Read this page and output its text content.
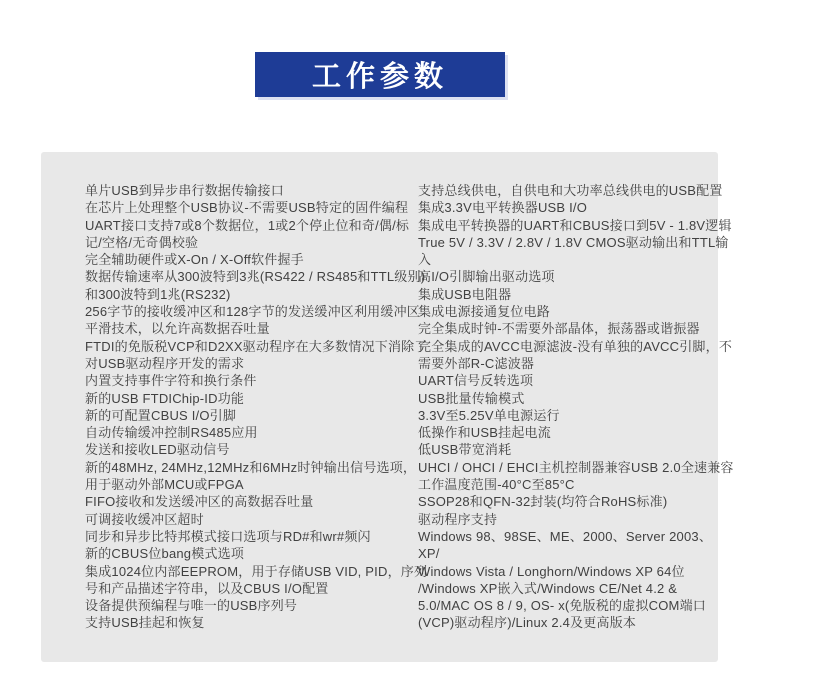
工作参数
单片USB到异步串行数据传输接口
在芯片上处理整个USB协议-不需要USB特定的固件编程
UART接口支持7或8个数据位，1或2个停止位和奇/偶/标
记/空格/无奇偶校验
完全辅助硬件或X-On / X-Off软件握手
数据传输速率从300波特到3兆(RS422 / RS485和TTL级别)
和300波特到1兆(RS232)
256字节的接收缓冲区和128字节的发送缓冲区利用缓冲区
平滑技术，以允许高数据吞吐量
FTDI的免版税VCP和D2XX驱动程序在大多数情况下消除了
对USB驱动程序开发的需求
内置支持事件字符和换行条件
新的USB FTDIChip-ID功能
新的可配置CBUS I/O引脚
自动传输缓冲控制RS485应用
发送和接收LED驱动信号
新的48MHz, 24MHz,12MHz和6MHz时钟输出信号选项，
用于驱动外部MCU或FPGA
FIFO接收和发送缓冲区的高数据吞吐量
可调接收缓冲区超时
同步和异步比特邦模式接口选项与RD#和wr#频闪
新的CBUS位bang模式选项
集成1024位内部EEPROM，用于存储USB VID, PID，序列
号和产品描述字符串，以及CBUS I/O配置
设备提供预编程与唯一的USB序列号
支持USB挂起和恢复
支持总线供电，自供电和大功率总线供电的USB配置
集成3.3V电平转换器USB I/O
集成电平转换器的UART和CBUS接口到5V - 1.8V逻辑
True 5V / 3.3V / 2.8V / 1.8V CMOS驱动输出和TTL输
入
高I/O引脚输出驱动选项
集成USB电阻器
集成电源接通复位电路
完全集成时钟-不需要外部晶体，振荡器或谐振器
完全集成的AVCC电源滤波-没有单独的AVCC引脚，不
需要外部R-C滤波器
UART信号反转选项
USB批量传输模式
3.3V至5.25V单电源运行
低操作和USB挂起电流
低USB带宽消耗
UHCI / OHCI / EHCI主机控制器兼容USB 2.0全速兼容
工作温度范围-40°C至85°C
SSOP28和QFN-32封装(均符合RoHS标准)
驱动程序支持
Windows 98、98SE、ME、2000、Server 2003、
XP/
Windows Vista / Longhorn/Windows XP 64位
/Windows XP嵌入式/Windows CE/Net 4.2 &
5.0/MAC OS 8 / 9, OS- x(免版税的虚拟COM端口
(VCP)驱动程序)/Linux 2.4及更高版本
